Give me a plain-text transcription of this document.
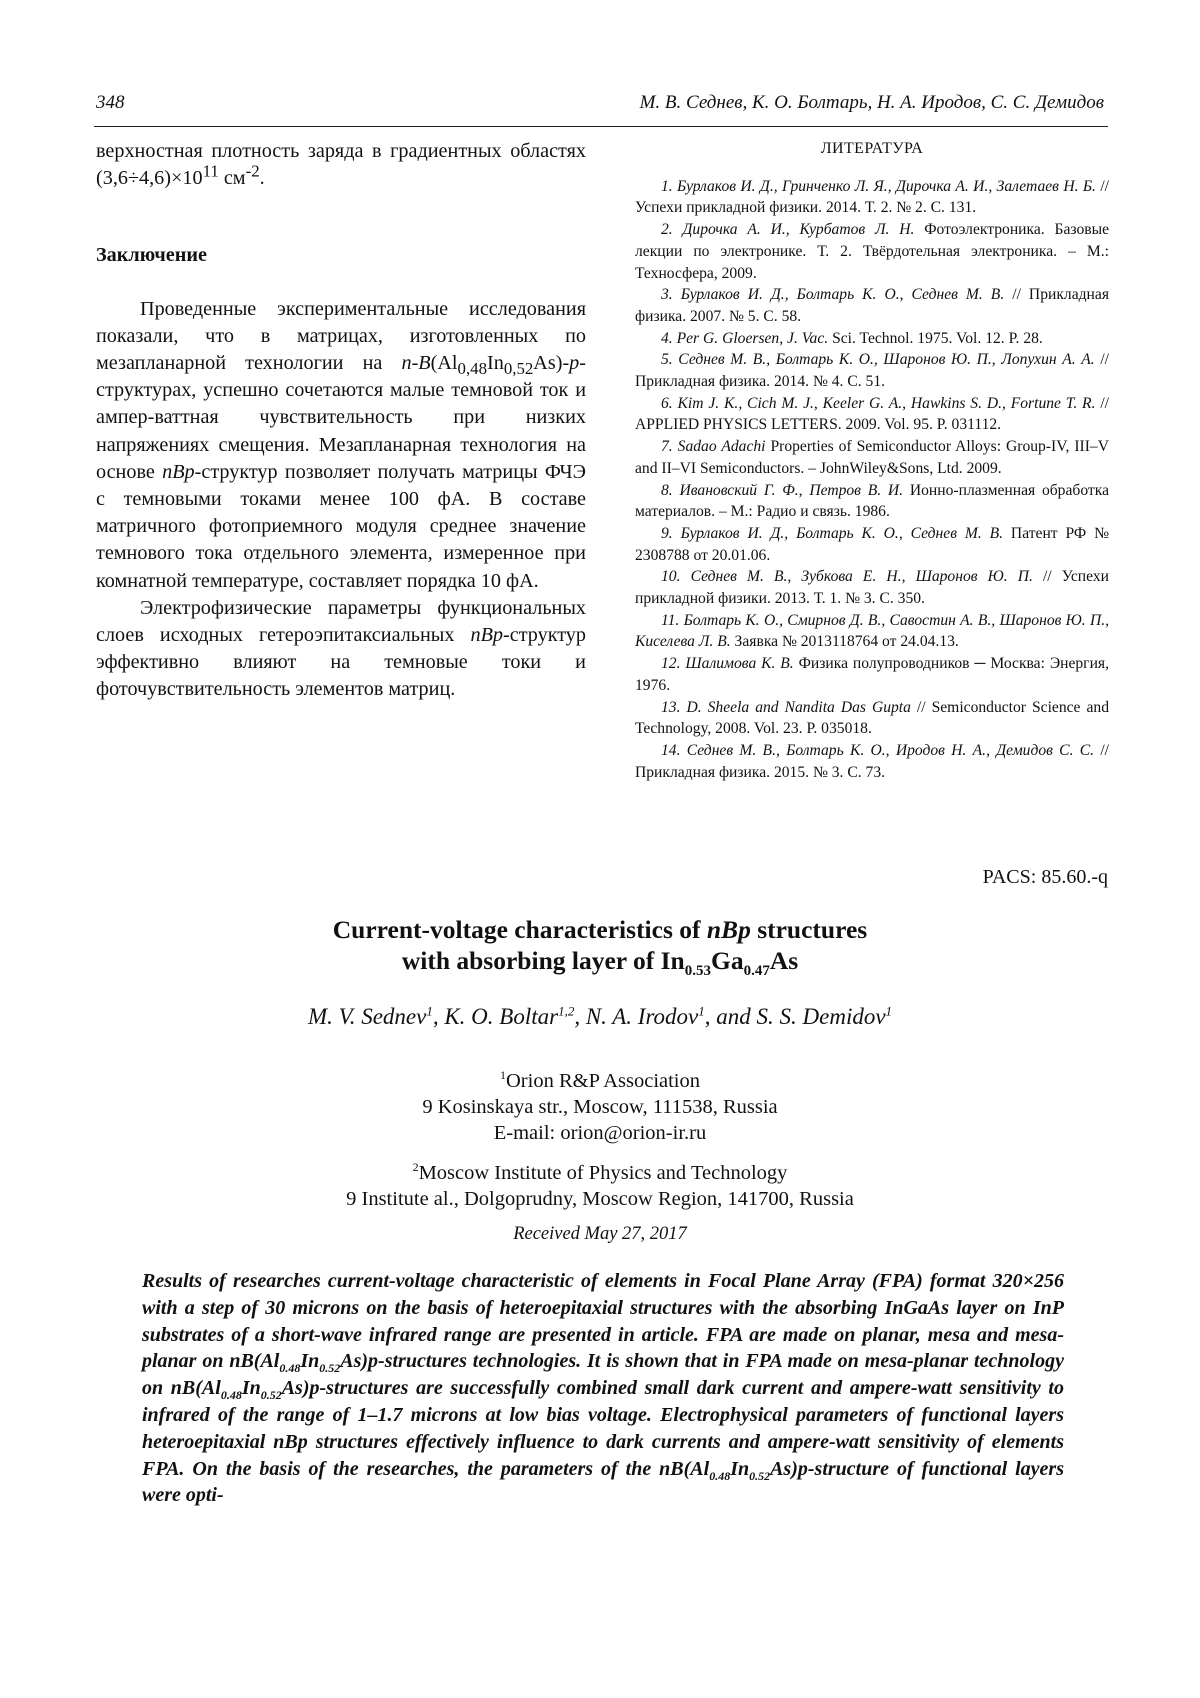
348	М. В. Седнев, К. О. Болтарь, Н. А. Иродов, С. С. Демидов

верхностная плотность заряда в градиентных областях $(3,6\div 4,6)\times 10^{11}$ $см^{-2}$.

Заключение

Проведенные экспериментальные исследования показали, что в матрицах, изготовленных по мезапланарной технологии на $n-B(Al_{0,48}In_{0,52}As)-p$-структурах, успешно сочетаются малые темновой ток и ампер-ваттная чувствительность при низких напряжениях смещения. Мезапланарная технология на основе nBp-структур позволяет получать матрицы ФЧЭ с темновыми токами менее 100 фА. В составе матричного фотоприемного модуля среднее значение темнового тока отдельного элемента, измеренное при комнатной температуре, составляет порядка 10 фА.

Электрофизические параметры функциональных слоев исходных гетероэпитаксиальных nBp-структур эффективно влияют на темновые токи и фоточувствительность элементов матриц.

ЛИТЕРАТУРА

1. Бурлаков И. Д., Гринченко Л. Я., Дирочка А. И., Залетаев Н. Б. // Успехи прикладной физики. 2014. Т. 2. № 2. С. 131.

2. Дирочка А. И., Курбатов Л. Н. Фотоэлектроника. Базовые лекции по электронике. Т. 2. Твёрдотельная электроника. – М.: Техносфера, 2009.

3. Бурлаков И. Д., Болтарь К. О., Седнев М. В. // Прикладная физика. 2007. № 5. С. 58.

4. Per G. Gloersen, J. Vac. Sci. Technol. 1975. Vol. 12. P. 28.

5. Седнев М. В., Болтарь К. О., Шаронов Ю. П., Лопухин А. А. // Прикладная физика. 2014. № 4. С. 51.

6. Kim J. K., Cich M. J., Keeler G. A., Hawkins S. D., Fortune T. R. // APPLIED PHYSICS LETTERS. 2009. Vol. 95. P. 031112.

7. Sadao Adachi Properties of Semiconductor Alloys: Group-IV, III–V and II–VI Semiconductors. – JohnWiley&Sons, Ltd. 2009.

8. Ивановский Г. Ф., Петров В. И. Ионно-плазменная обработка материалов. – М.: Радио и связь. 1986.

9. Бурлаков И. Д., Болтарь К. О., Седнев М. В. Патент РФ № 2308788 от 20.01.06.

10. Седнев М. В., Зубкова Е. Н., Шаронов Ю. П. // Успехи прикладной физики. 2013. Т. 1. № 3. С. 350.

11. Болтарь К. О., Смирнов Д. В., Савостин А. В., Шаронов Ю. П., Киселева Л. В. Заявка № 2013118764 от 24.04.13.

12. Шалимова К. В. Физика полупроводников ─ Москва: Энергия, 1976.

13. D. Sheela and Nandita Das Gupta // Semiconductor Science and Technology, 2008. Vol. 23. P. 035018.

14. Седнев М. В., Болтарь К. О., Иродов Н. А., Демидов С. С. // Прикладная физика. 2015. № 3. С. 73.

PACS: 85.60.-q
Current-voltage characteristics of nBp structures
with absorbing layer of $In_{0.53}Ga_{0.47}As$
M. V. Sednev$^1$, K. O. Boltar$^{1,2}$, N. A. Irodov$^1$, and S. S. Demidov$^1$
$^1$Orion R&P Association
9 Kosinskaya str., Moscow, 111538, Russia
E-mail: orion@orion-ir.ru
$^2$Moscow Institute of Physics and Technology
9 Institute al., Dolgoprudny, Moscow Region, 141700, Russia
Received May 27, 2017

Results of researches current-voltage characteristic of elements in Focal Plane Array (FPA) format 320×256 with a step of 30 microns on the basis of heteroepitaxial structures with the absorbing InGaAs layer on InP substrates of a short-wave infrared range are presented in article. FPA are made on planar, mesa and mesa-planar on $nB(Al_{0.48}In_{0.52}As)p$-structures technologies. It is shown that in FPA made on mesa-planar technology on $nB(Al_{0.48}In_{0.52}As)p$-structures are successfully combined small dark current and ampere-watt sensitivity to infrared of the range of 1–1.7 microns at low bias voltage. Electrophysical parameters of functional layers heteroepitaxial nBp structures effectively influence to dark currents and ampere-watt sensitivity of elements FPA. On the basis of the researches, the parameters of the $nB(Al_{0.48}In_{0.52}As)p$-structure of functional layers were opti-
